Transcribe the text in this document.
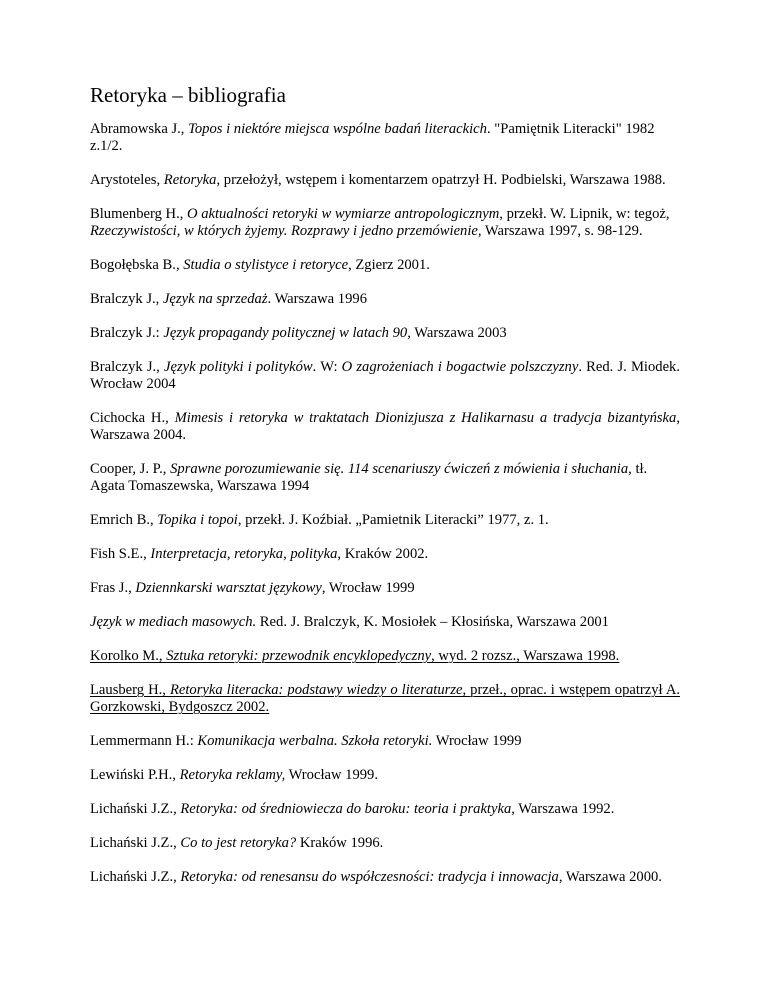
Retoryka – bibliografia

Abramowska J., Topos i niektóre miejsca wspólne badań literackich. "Pamiętnik Literacki" 1982 z.1/2.

Arystoteles, Retoryka, przełożył, wstępem i komentarzem opatrzył H. Podbielski, Warszawa 1988.

Blumenberg H., O aktualności retoryki w wymiarze antropologicznym, przekł. W. Lipnik, w: tegoż, Rzeczywistości, w których żyjemy. Rozprawy i jedno przemówienie, Warszawa 1997, s. 98-129.

Bogołębska B., Studia o stylistyce i retoryce, Zgierz 2001.

Bralczyk J., Język na sprzedaż. Warszawa 1996

Bralczyk J.: Język propagandy politycznej w latach 90, Warszawa 2003

Bralczyk J., Język polityki i polityków. W: O zagrożeniach i bogactwie polszczyzny. Red. J. Miodek. Wrocław 2004

Cichocka H., Mimesis i retoryka w traktatach Dionizjusza z Halikarnasu a tradycja bizantyńska, Warszawa 2004.

Cooper, J. P., Sprawne porozumiewanie się. 114 scenariuszy ćwiczeń z mówienia i słuchania, tł. Agata Tomaszewska, Warszawa 1994

Emrich B., Topika i topoi, przekł. J. Koźbiał. „Pamietnik Literacki” 1977, z. 1.

Fish S.E., Interpretacja, retoryka, polityka, Kraków 2002.

Fras J., Dziennkarski warsztat językowy, Wrocław 1999

Język w mediach masowych. Red. J. Bralczyk, K. Mosiołek – Kłosińska, Warszawa 2001

Korolko M., Sztuka retoryki: przewodnik encyklopedyczny, wyd. 2 rozsz., Warszawa 1998.

Lausberg H., Retoryka literacka: podstawy wiedzy o literaturze, przeł., oprac. i wstępem opatrzył A. Gorzkowski, Bydgoszcz 2002.

Lemmermann H.: Komunikacja werbalna. Szkoła retoryki. Wrocław 1999

Lewiński P.H., Retoryka reklamy, Wrocław 1999.

Lichański J.Z., Retoryka: od średniowiecza do baroku: teoria i praktyka, Warszawa 1992.

Lichański J.Z., Co to jest retoryka? Kraków 1996.

Lichański J.Z., Retoryka: od renesansu do współczesności: tradycja i innowacja, Warszawa 2000.
